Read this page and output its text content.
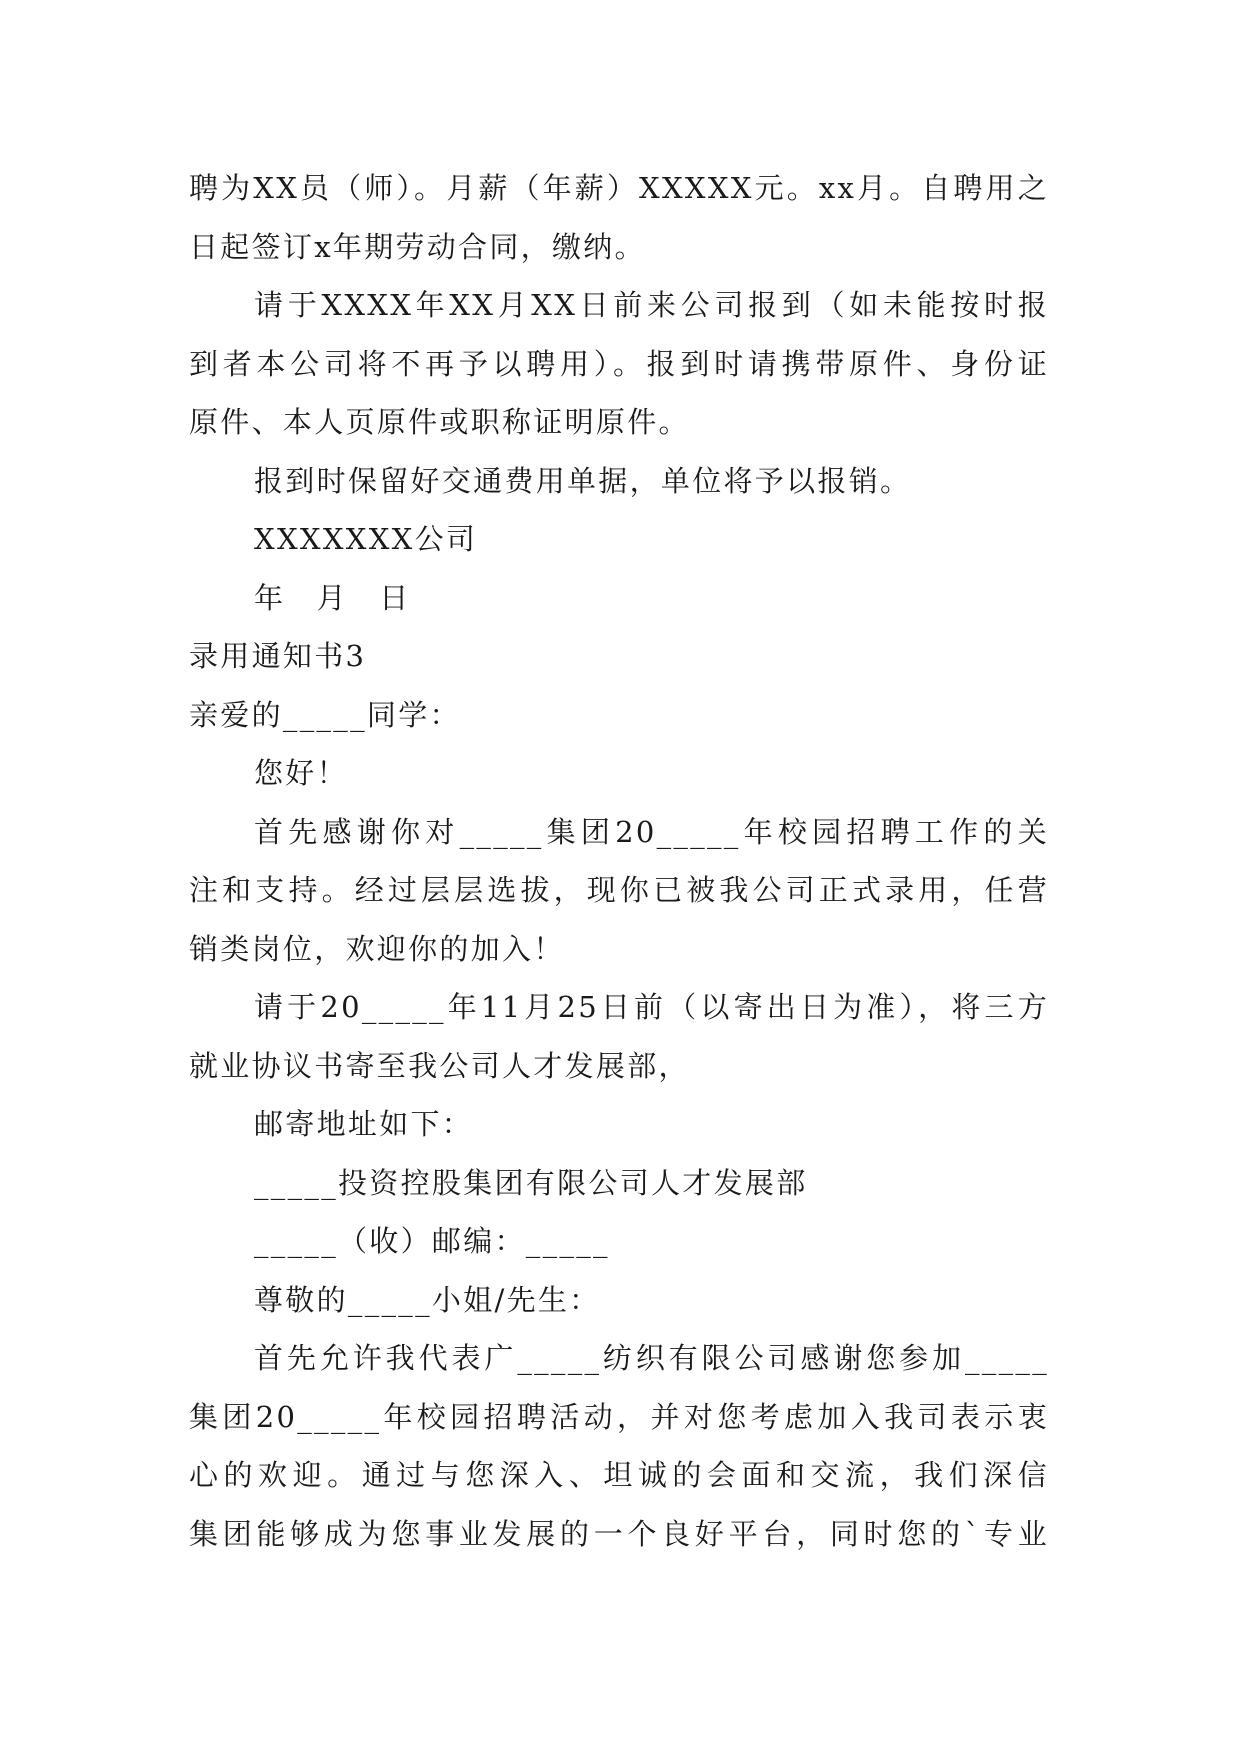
聘为XX员（师）。月薪（年薪）XXXXX元。xx月。自聘用之
日起签订x年期劳动合同，缴纳。
请于XXXX年XX月XX日前来公司报到（如未能按时报
到者本公司将不再予以聘用）。报到时请携带原件、身份证
原件、本人页原件或职称证明原件。
报到时保留好交通费用单据，单位将予以报销。
XXXXXXX公司
年　月　日
录用通知书3
亲爱的_____同学：
您好！
首先感谢你对_____集团20_____年校园招聘工作的关
注和支持。经过层层选拔，现你已被我公司正式录用，任营
销类岗位，欢迎你的加入！
请于20_____年11月25日前（以寄出日为准），将三方
就业协议书寄至我公司人才发展部，
邮寄地址如下：
_____投资控股集团有限公司人才发展部
_____（收）邮编：_____
尊敬的_____小姐/先生：
首先允许我代表广_____纺织有限公司感谢您参加_____
集团20_____年校园招聘活动，并对您考虑加入我司表示衷
心的欢迎。通过与您深入、坦诚的会面和交流，我们深信
集团能够成为您事业发展的一个良好平台，同时您的`专业
